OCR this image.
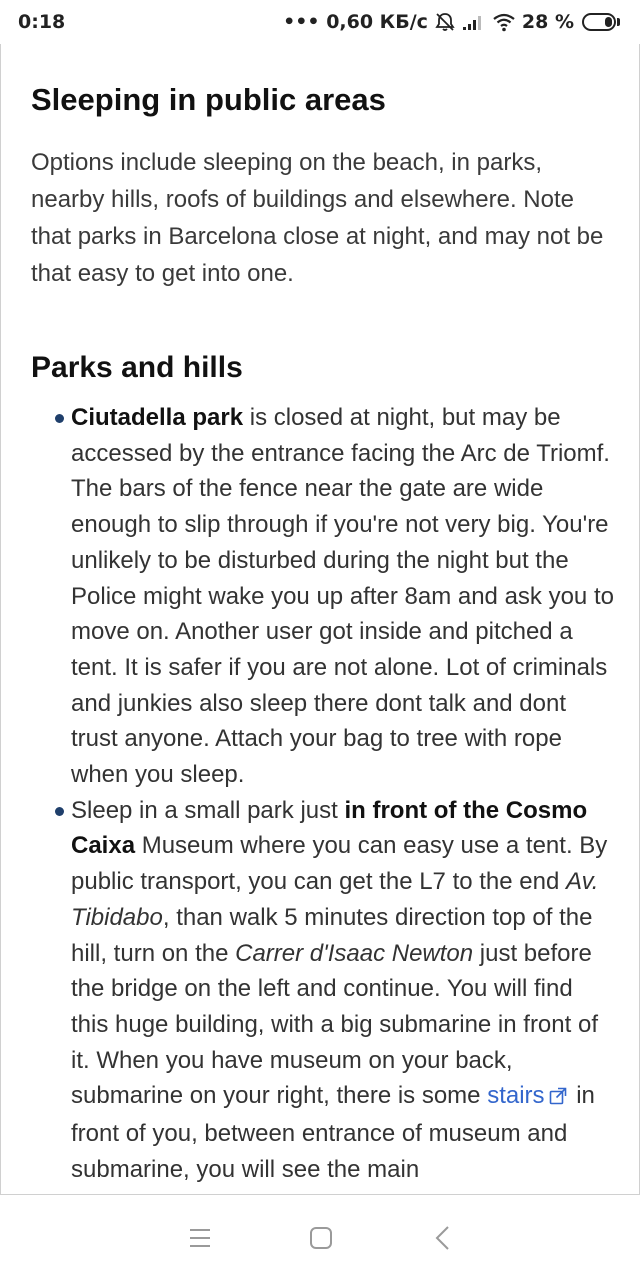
0:18	••• 0,60 КБ/с	28 %
Sleeping in public areas

Options include sleeping on the beach, in parks, nearby hills, roofs of buildings and elsewhere. Note that parks in Barcelona close at night, and may not be that easy to get into one.

Parks and hills
Ciutadella park is closed at night, but may be accessed by the entrance facing the Arc de Triomf. The bars of the fence near the gate are wide enough to slip through if you're not very big. You're unlikely to be disturbed during the night but the Police might wake you up after 8am and ask you to move on. Another user got inside and pitched a tent. It is safer if you are not alone. Lot of criminals and junkies also sleep there dont talk and dont trust anyone. Attach your bag to tree with rope when you sleep.
Sleep in a small park just in front of the Cosmo Caixa Museum where you can easy use a tent. By public transport, you can get the L7 to the end Av. Tibidabo, than walk 5 minutes direction top of the hill, turn on the Carrer d'Isaac Newton just before the bridge on the left and continue. You will find this huge building, with a big submarine in front of it. When you have museum on your back, submarine on your right, there is some stairs in front of you, between entrance of museum and submarine, you will see the main
